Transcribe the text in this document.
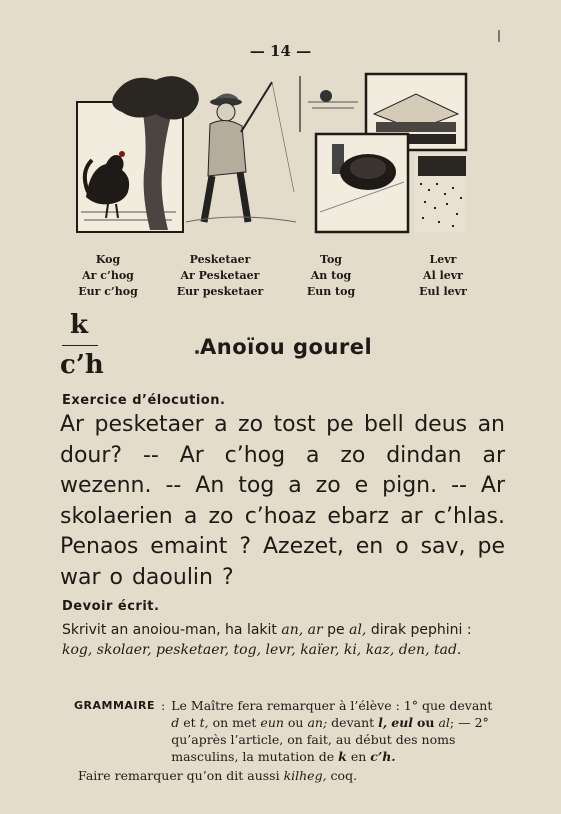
— 14 —
Kog
Ar c’hog
Eur c’hog
Pesketaer
Ar Pesketaer
Eur pesketaer
Tog
An tog
Eun tog
Levr
Al levr
Eul levr
k
c’h
Anoïou gourel
Exercice d’élocution.

Ar pesketaer a zo tost pe bell deus an dour? -- Ar c’hog a zo dindan ar wezenn. -- An tog a zo e pign. -- Ar skolaerien a zo c’hoaz ebarz ar c’hlas. Penaos emaint ? Azezet, en o sav, pe war o daoulin ?

Devoir écrit.
Skrivit an anoiou-man, ha lakit an, ar pe al, dirak pephini : kog, skolaer, pesketaer, tog, levr, kaïer, ki, kaz, den, tad.
GRAMMAIRE : Le Maître fera remarquer à l’élève : 1° que devant d et t, on met eun ou an; devant l, eul ou al; — 2° qu’après l’article, on fait, au début des noms masculins, la mutation de k en c’h.
Faire remarquer qu’on dit aussi kilheg, coq.
